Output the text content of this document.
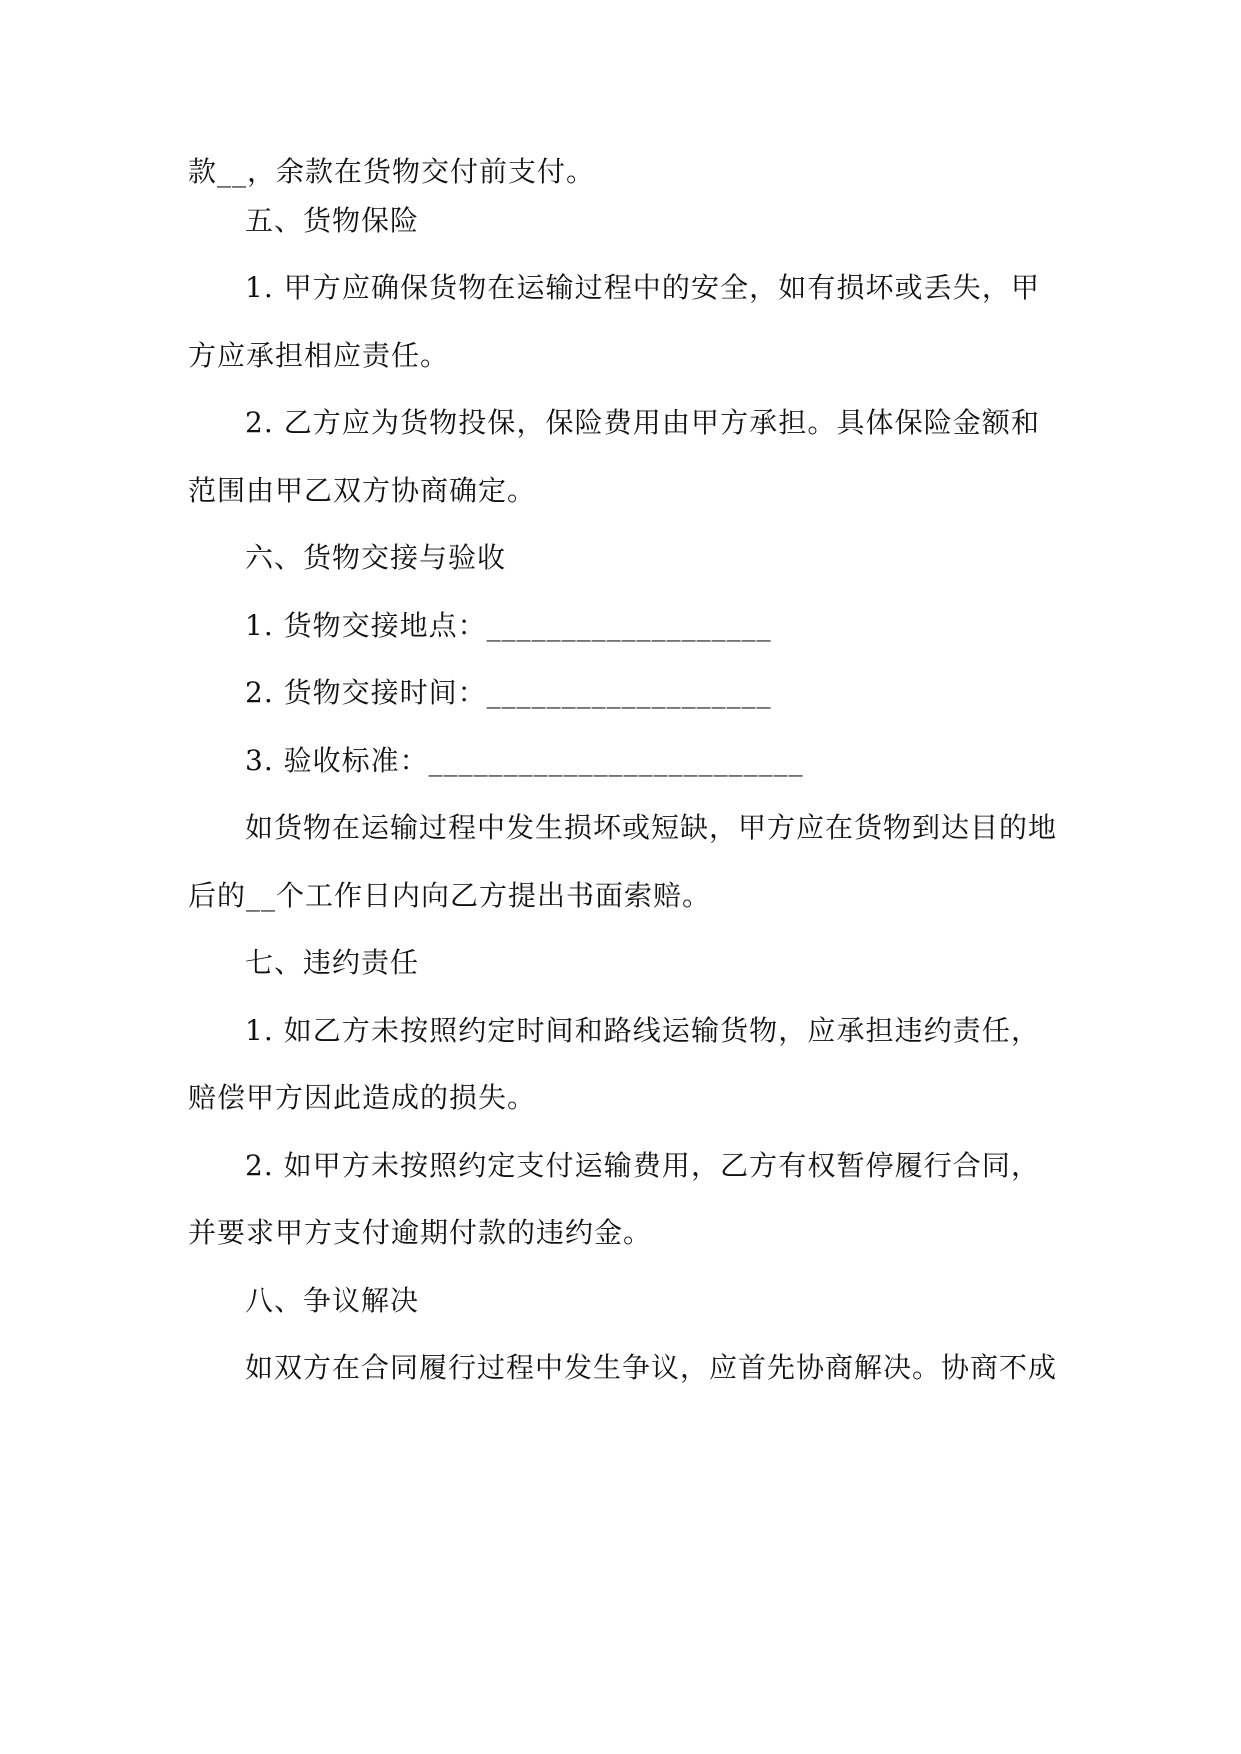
款__，余款在货物交付前支付。
五、货物保险
1. 甲方应确保货物在运输过程中的安全，如有损坏或丢失，甲
方应承担相应责任。
2. 乙方应为货物投保，保险费用由甲方承担。具体保险金额和
范围由甲乙双方协商确定。
六、货物交接与验收
1. 货物交接地点：___________________
2. 货物交接时间：___________________
3. 验收标准：_________________________
如货物在运输过程中发生损坏或短缺，甲方应在货物到达目的地
后的__个工作日内向乙方提出书面索赔。
七、违约责任
1. 如乙方未按照约定时间和路线运输货物，应承担违约责任，
赔偿甲方因此造成的损失。
2. 如甲方未按照约定支付运输费用，乙方有权暂停履行合同，
并要求甲方支付逾期付款的违约金。
八、争议解决
如双方在合同履行过程中发生争议，应首先协商解决。协商不成
